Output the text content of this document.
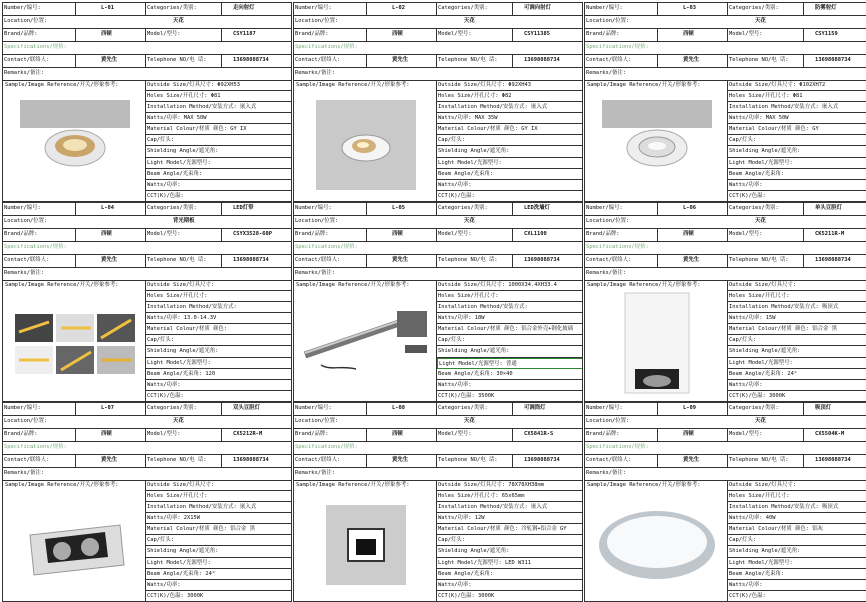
Number/编号:	L-01	Categories/类别:	走向射灯
Location/位置:	天花
Brand/品牌:	西顿	Model/型号:	CSY1187
Specifications/规格:
Contact/联络人:	黄先生	Telephone NO/电 话:	13698088734
Remarks/备注:
Sample/Image Reference/开关/形象参考:	Outside Size/灯具尺寸: Φ92XH53
Holes Size/开孔尺寸: Φ81
Installation Method/安装方式: 嵌入式
Watts/功率: MAX 50W
Material Colour/材质 颜色: GY IX
Cap/灯头:
Shielding Angle/遮光角:
Light Model/光源型号:
Beam Angle/光束角:
Watts/功率:
CCT(K)/色温:
Number/编号:	L-02	Categories/类别:	可调向射灯
Location/位置:	天花
Brand/品牌:	西顿	Model/型号:	CSY11385
Specifications/规格:
Contact/联络人:	黄先生	Telephone NO/电 话:	13698088734
Remarks/备注:
Sample/Image Reference/开关/形象参考:	Outside Size/灯具尺寸: Φ92XH43
Holes Size/开孔尺寸: Φ82
Installation Method/安装方式: 嵌入式
Watts/功率: MAX 35W
Material Colour/材质 颜色: GY IX
Cap/灯头:
Shielding Angle/遮光角:
Light Model/光源型号:
Beam Angle/光束角:
Watts/功率:
CCT(K)/色温:
Number/编号:	L-03	Categories/类别:	防雾射灯
Location/位置:	天花
Brand/品牌:	西顿	Model/型号:	CSY1159
Specifications/规格:
Contact/联络人:	黄先生	Telephone NO/电 话:	13698088734
Remarks/备注:
Sample/Image Reference/开关/形象参考:	Outside Size/灯具尺寸: Φ102XH72
Holes Size/开孔尺寸: Φ81
Installation Method/安装方式: 嵌入式
Watts/功率: MAX 50W
Material Colour/材质 颜色: GY
Cap/灯头:
Shielding Angle/遮光角:
Light Model/光源型号:
Beam Angle/光束角:
Watts/功率:
CCT(K)/色温:
Number/编号:	L-04	Categories/类别:	LED灯带
Location/位置:	背光期板
Brand/品牌:	西顿	Model/型号:	CSYX3528-60P
Specifications/规格:
Contact/联络人:	黄先生	Telephone NO/电 话:	13698088734
Remarks/备注:
Sample/Image Reference/开关/形象参考:	Outside Size/灯具尺寸:
Holes Size/开孔尺寸:
Installation Method/安装方式:
Watts/功率: 13.0-14.3V
Material Colour/材质 颜色:
Cap/灯头:
Shielding Angle/遮光角:
Light Model/光源型号:
Beam Angle/光束角: 120
Watts/功率:
CCT(K)/色温:
Number/编号:	L-05	Categories/类别:	LED洗墙灯
Location/位置:	天花
Brand/品牌:	西顿	Model/型号:	CXL1100
Specifications/规格:
Contact/联络人:	黄先生	Telephone NO/电 话:	13698088734
Remarks/备注:
Sample/Image Reference/开关/形象参考:	Outside Size/灯具尺寸: 1000X34.4XH33.4
Holes Size/开孔尺寸:
Installation Method/安装方式:
Watts/功率: 18W
Material Colour/材质 颜色: 铝合金外壳+钢化玻璃
Cap/灯头:
Shielding Angle/遮光角:
Light Model/光源型号: 普通
Beam Angle/光束角: 30×40
Watts/功率:
CCT(K)/色温: 3500K
Number/编号:	L-06	Categories/类别:	单头豆胆灯
Location/位置:	天花
Brand/品牌:	西顿	Model/型号:	CK5211R-M
Specifications/规格:
Contact/联络人:	黄先生	Telephone NO/电 话:	13698088734
Remarks/备注:
Sample/Image Reference/开关/形象参考:	Outside Size/灯具尺寸:
Holes Size/开孔尺寸:
Installation Method/安装方式: 吸顶式
Watts/功率: 15W
Material Colour/材质 颜色: 铝合金 黑
Cap/灯头:
Shielding Angle/遮光角:
Light Model/光源型号:
Beam Angle/光束角: 24°
Watts/功率:
CCT(K)/色温: 3000K
Number/编号:	L-07	Categories/类别:	双头豆胆灯
Location/位置:	天花
Brand/品牌:	西顿	Model/型号:	CX5212R-M
Specifications/规格:
Contact/联络人:	黄先生	Telephone NO/电 话:	13698088734
Remarks/备注:
Sample/Image Reference/开关/形象参考:	Outside Size/灯具尺寸:
Holes Size/开孔尺寸:
Installation Method/安装方式: 嵌入式
Watts/功率: 2X15W
Material Colour/材质 颜色: 铝合金 黑
Cap/灯头:
Shielding Angle/遮光角:
Light Model/光源型号:
Beam Angle/光束角: 24°
Watts/功率:
CCT(K)/色温: 3000K
Number/编号:	L-08	Categories/类别:	可调筒灯
Location/位置:	天花
Brand/品牌:	西顿	Model/型号:	CX5841R-S
Specifications/规格:
Contact/联络人:	黄先生	Telephone NO/电 话:	13698088734
Remarks/备注:
Sample/Image Reference/开关/形象参考:	Outside Size/灯具尺寸: 78X78XH38mm
Holes Size/开孔尺寸: 65x65mm
Installation Method/安装方式: 嵌入式
Watts/功率: 12W
Material Colour/材质 颜色: 冷轧钢+铝合金 GY
Cap/灯头:
Shielding Angle/遮光角:
Light Model/光源型号: LED W311
Beam Angle/光束角:
Watts/功率:
CCT(K)/色温: 3000K
Number/编号:	L-09	Categories/类别:	吸顶灯
Location/位置:	天花
Brand/品牌:	西顿	Model/型号:	CX5504K-M
Specifications/规格:
Contact/联络人:	黄先生	Telephone NO/电 话:	13698088734
Remarks/备注:
Sample/Image Reference/开关/形象参考:	Outside Size/灯具尺寸:
Holes Size/开孔尺寸:
Installation Method/安装方式: 吸顶式
Watts/功率: 40W
Material Colour/材质 颜色: 铝灰
Cap/灯头:
Shielding Angle/遮光角:
Light Model/光源型号:
Beam Angle/光束角:
Watts/功率:
CCT(K)/色温:
